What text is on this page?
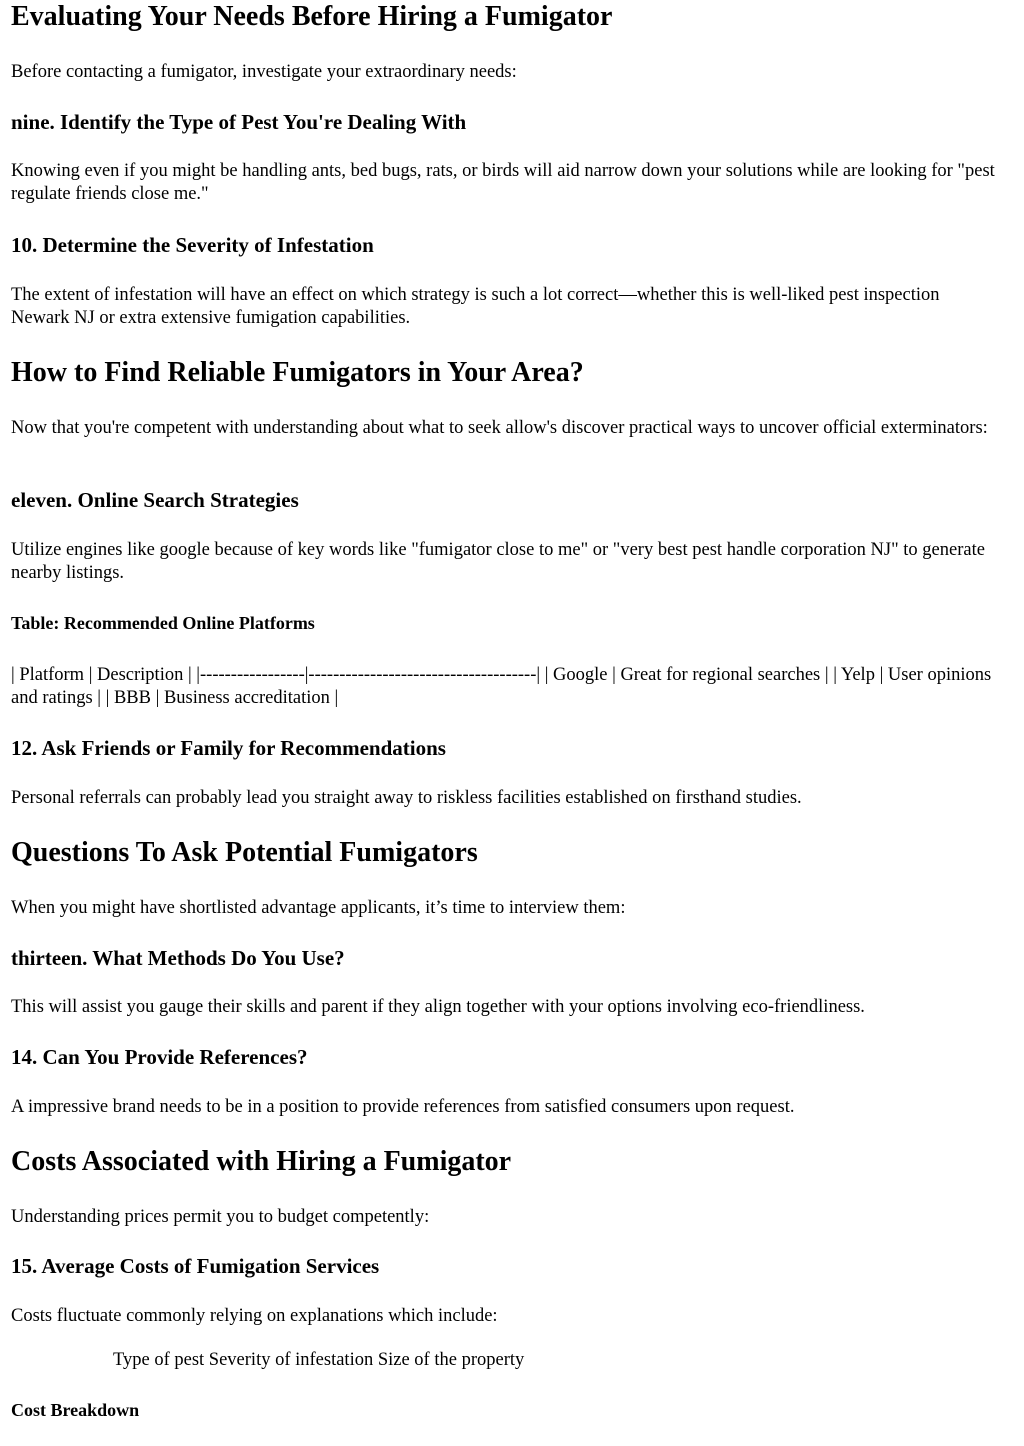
Evaluating Your Needs Before Hiring a Fumigator

Before contacting a fumigator, investigate your extraordinary needs:

nine. Identify the Type of Pest You're Dealing With

Knowing even if you might be handling ants, bed bugs, rats, or birds will aid narrow down your solutions while are looking for "pest regulate friends close me."

10. Determine the Severity of Infestation

The extent of infestation will have an effect on which strategy is such a lot correct—whether this is well-liked pest inspection Newark NJ or extra extensive fumigation capabilities.

How to Find Reliable Fumigators in Your Area?

Now that you're competent with understanding about what to seek allow's discover practical ways to uncover official exterminators:

eleven. Online Search Strategies

Utilize engines like google because of key words like "fumigator close to me" or "very best pest handle corporation NJ" to generate nearby listings.

Table: Recommended Online Platforms

| Platform | Description | |-----------------|-------------------------------------| | Google | Great for regional searches | | Yelp | User opinions and ratings | | BBB | Business accreditation |

12. Ask Friends or Family for Recommendations

Personal referrals can probably lead you straight away to riskless facilities established on firsthand studies.

Questions To Ask Potential Fumigators

When you might have shortlisted advantage applicants, it’s time to interview them:

thirteen. What Methods Do You Use?

This will assist you gauge their skills and parent if they align together with your options involving eco-friendliness.

14. Can You Provide References?

A impressive brand needs to be in a position to provide references from satisfied consumers upon request.

Costs Associated with Hiring a Fumigator

Understanding prices permit you to budget competently:

15. Average Costs of Fumigation Services

Costs fluctuate commonly relying on explanations which include:

Type of pest Severity of infestation Size of the property
Cost Breakdown
